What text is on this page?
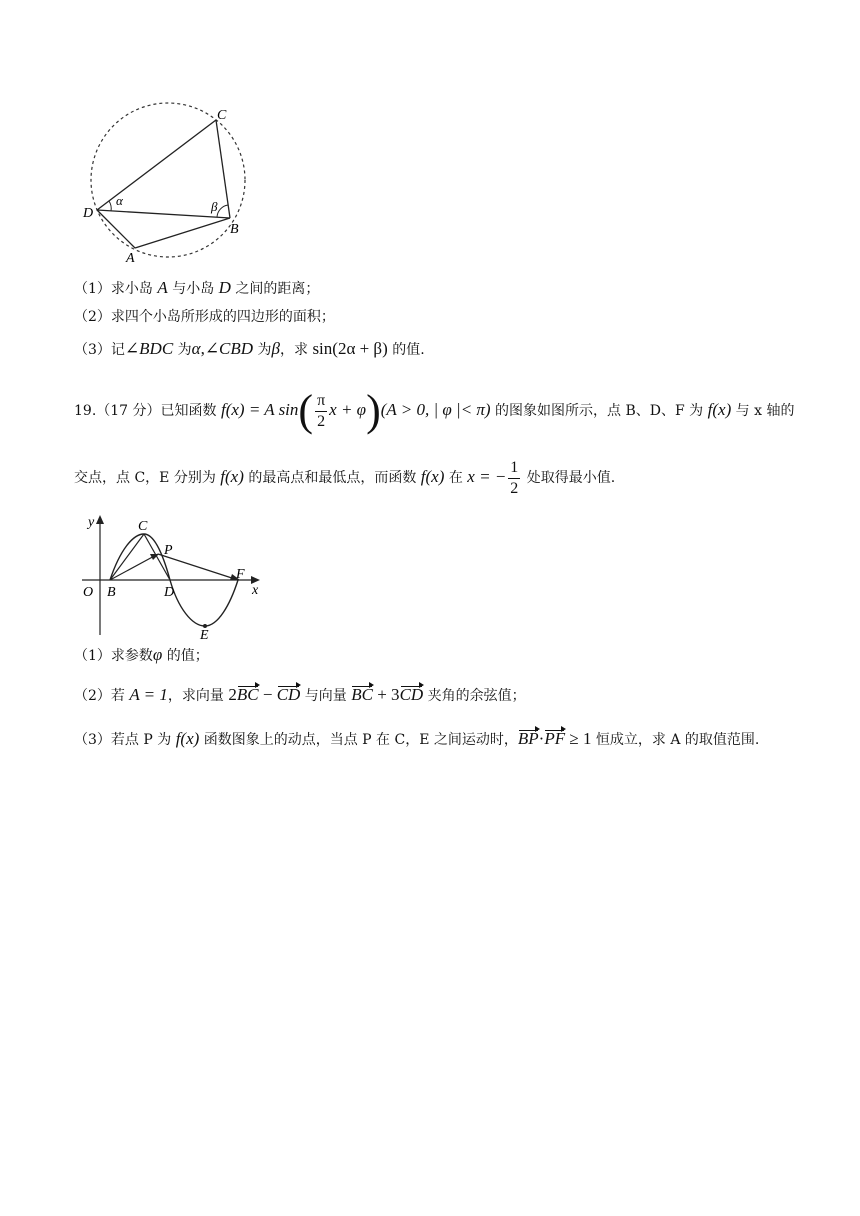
C
D
B
A
α	β
（1）求小岛 A 与小岛 D 之间的距离；
（2）求四个小岛所形成的四边形的面积；
（3）记∠BDC 为α,∠CBD 为β，求 sin(2α + β) 的值.
19.（17 分）已知函数 f(x) = A $\sin( \frac{\pi}{2}$ x + φ)(A > 0, | φ |< π) 的图象如图所示，点 B、D、F 为 f(x) 与 x 轴的
交点，点 C，E 分别为 f(x) 的最高点和最低点，而函数 f(x) 在 x = − $\frac{1}{2}$ 处取得最小值.
y
x
O B
C
P
D
F
E
（1）求参数φ 的值；
（2）若 A = 1，求向量 2BC − CD 与向量 BC + 3CD 夹角的余弦值；
（3）若点 P 为 f(x) 函数图象上的动点，当点 P 在 C，E 之间运动时，BP·PF ≥ 1 恒成立，求 A 的取值范围.
